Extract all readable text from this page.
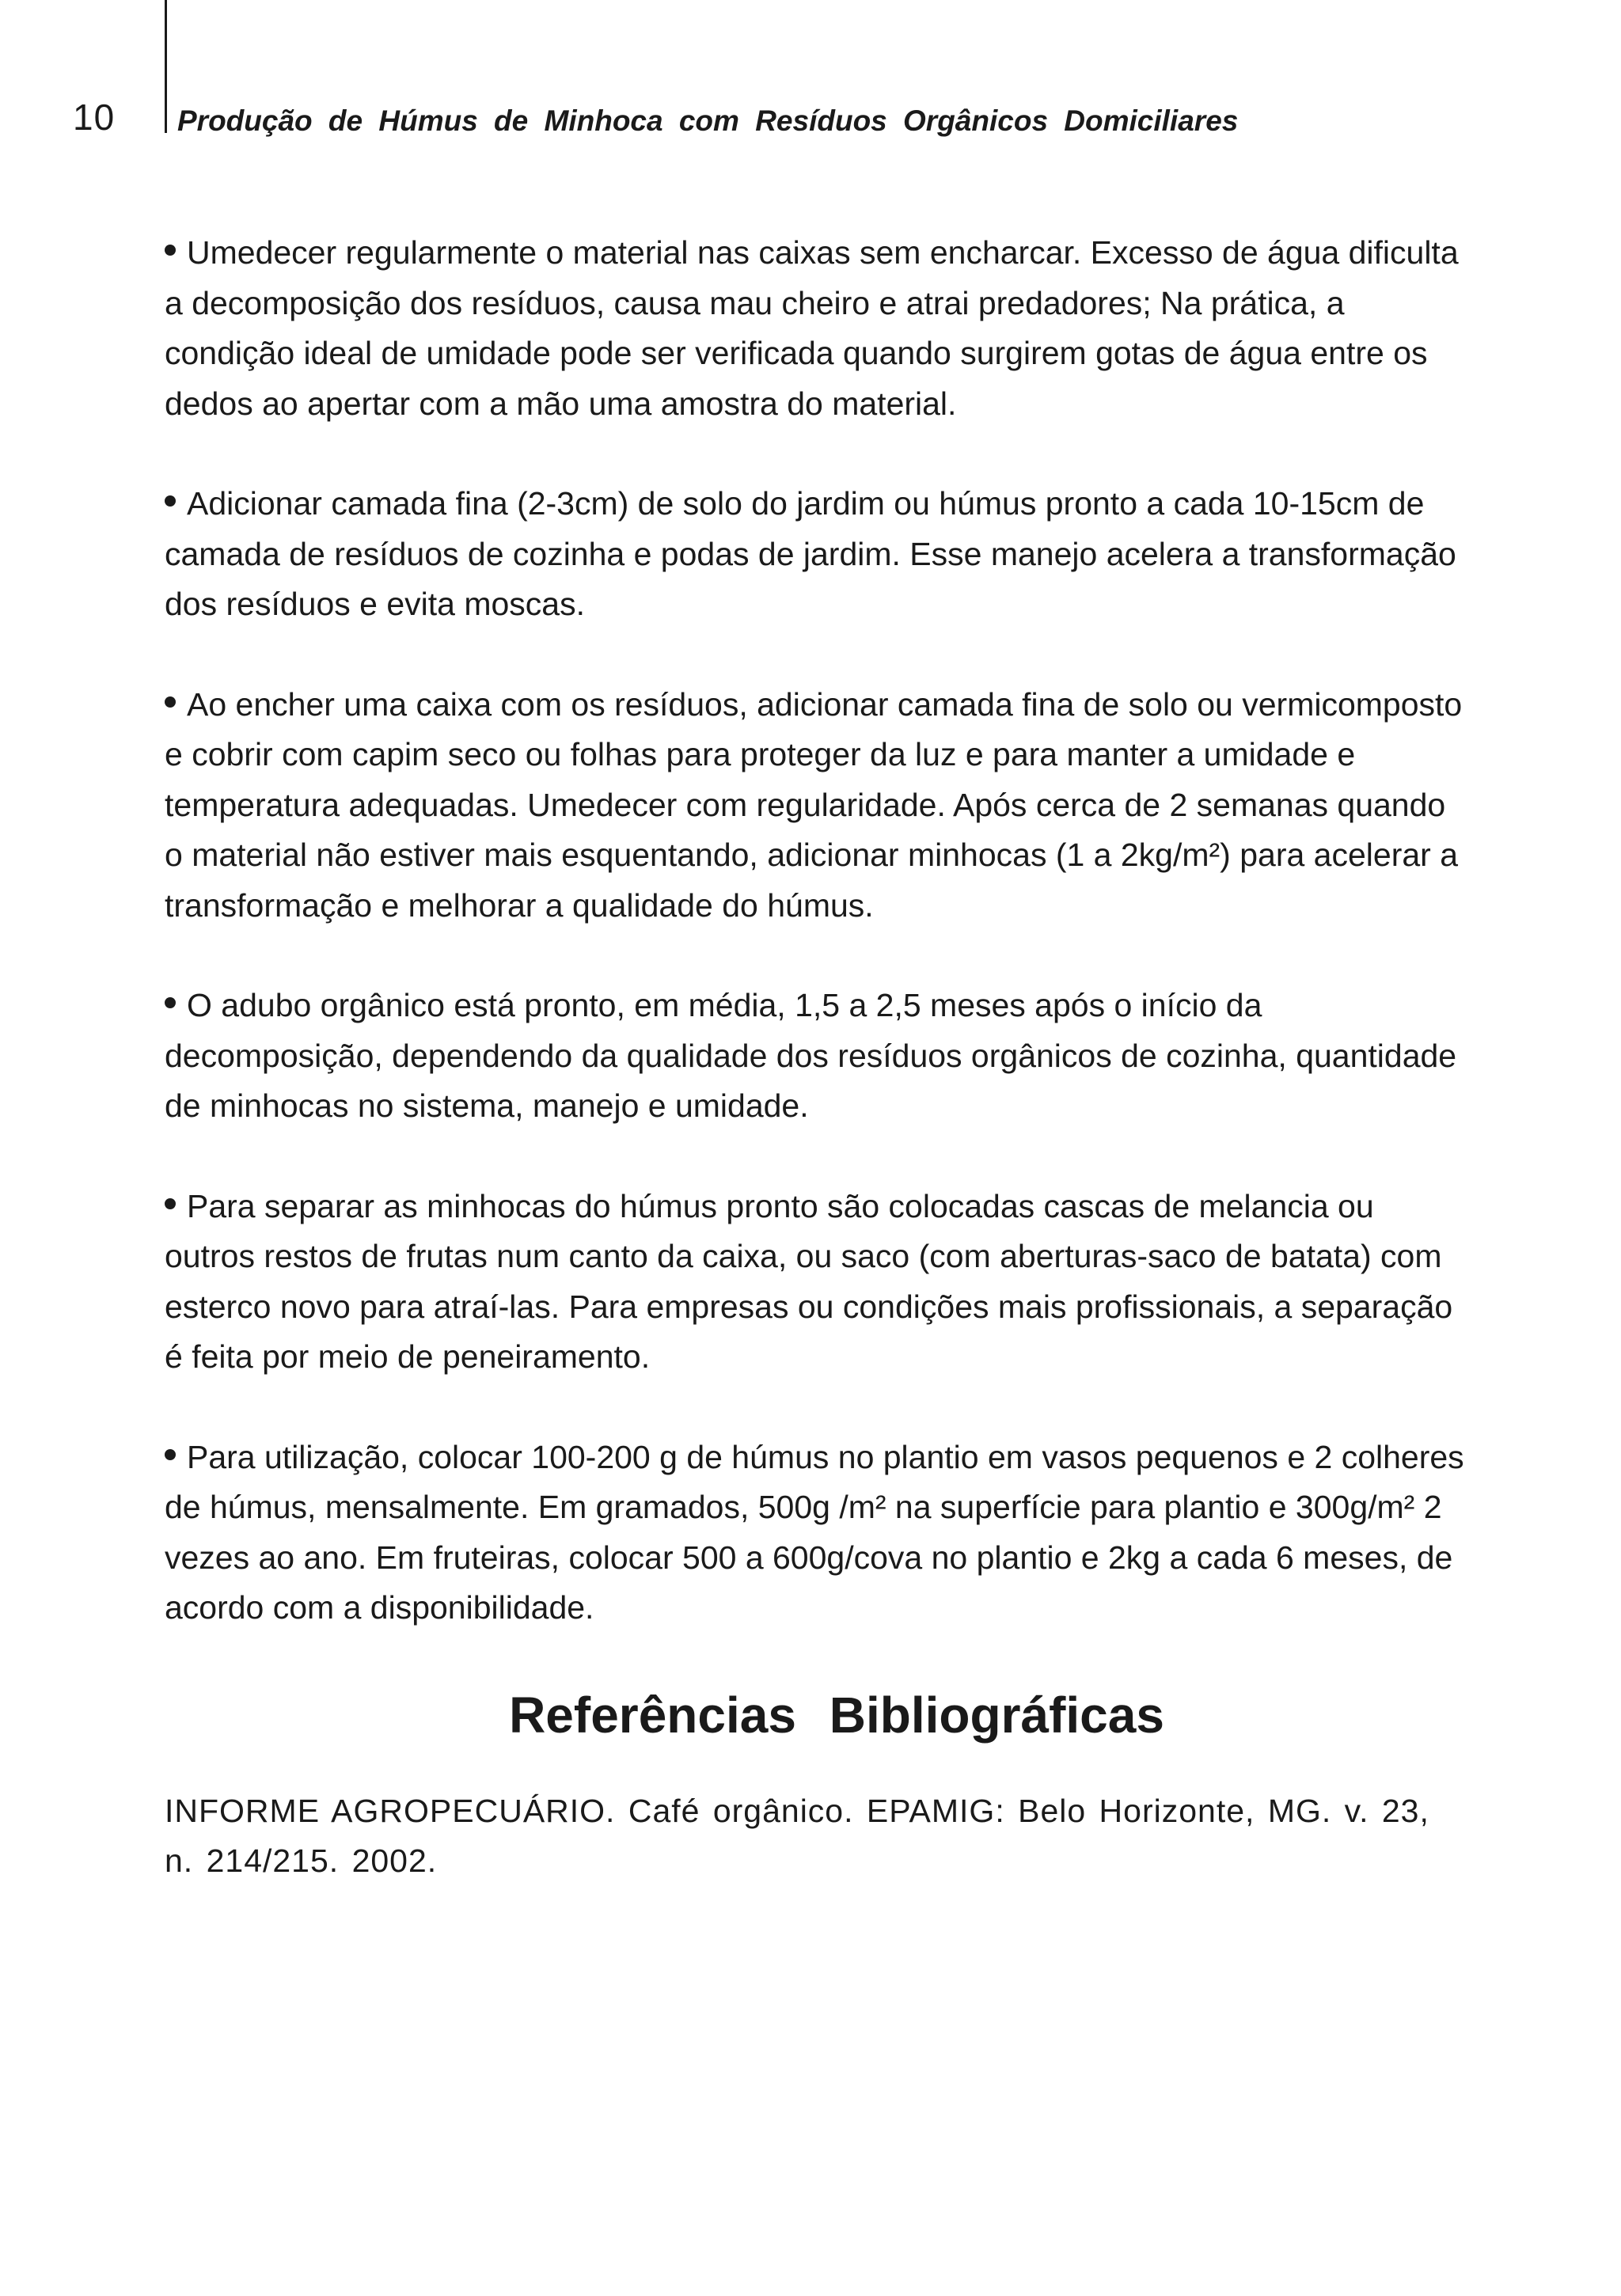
10 Produção de Húmus de Minhoca com Resíduos Orgânicos Domiciliares

Umedecer regularmente o material nas caixas sem encharcar. Excesso de água dificulta a decomposição dos resíduos, causa mau cheiro e atrai predadores; Na prática, a condição ideal de umidade pode ser verificada quando surgirem gotas de água entre os dedos ao apertar com a mão uma amostra do material.

Adicionar camada fina (2-3cm) de solo do jardim ou húmus pronto a cada 10-15cm de camada de resíduos de cozinha e podas de jardim. Esse manejo acelera a transformação dos resíduos e evita moscas.

Ao encher uma caixa com os resíduos, adicionar camada fina de solo ou vermicomposto e cobrir com capim seco ou folhas para proteger da luz e para manter a umidade e temperatura adequadas. Umedecer com regularidade. Após cerca de 2 semanas quando o material não estiver mais esquentando, adicionar minhocas (1 a 2kg/m²) para acelerar a transformação e melhorar a qualidade do húmus.

O adubo orgânico está pronto, em média, 1,5 a 2,5 meses após o início da decomposição, dependendo da qualidade dos resíduos orgânicos de cozinha, quantidade de minhocas no sistema, manejo e umidade.

Para separar as minhocas do húmus pronto são colocadas cascas de melancia ou outros restos de frutas num canto da caixa, ou saco (com aberturas-saco de batata) com esterco novo para atraí-las. Para empresas ou condições mais profissionais, a separação é feita por meio de peneiramento.

Para utilização, colocar 100-200 g de húmus no plantio em vasos pequenos e 2 colheres de húmus, mensalmente. Em gramados, 500g /m² na superfície para plantio e 300g/m² 2 vezes ao ano. Em fruteiras, colocar 500 a 600g/cova no plantio e 2kg a cada 6 meses, de acordo com a disponibilidade.

Referências Bibliográficas

INFORME AGROPECUÁRIO. Café orgânico. EPAMIG: Belo Horizonte, MG. v. 23, n. 214/215. 2002.
